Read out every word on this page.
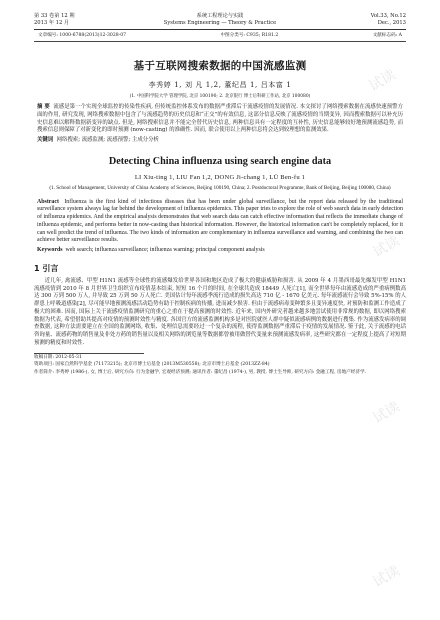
第 33 卷第 12 期	系统工程理论与实践	Vol.33, No.12
2013 年 12 月	Systems Engineering — Theory & Practice	Dec., 2013
文章编号: 1000-6788(2013)12-3028-07	中图分类号: C935; R181.2	文献标志码: A
基于互联网搜索数据的中国流感监测
李秀婷 1, 刘 凡 1,2, 董纪昌 1, 吕本富 1
(1. 中国科学院大学 管理学院, 北京 100190; 2. 北京银行 博士后科研工作站, 北京 100080)
摘 要 流感是第一个实现全球监控的传染性疾病, 但传统监控体系发布的数据严重滞后于流感疫情的发展情况. 本文探讨了网络搜索数据在流感快速预警方面的作用, 研究发现, 网络搜索数据中包含了与流感趋势的历史信息和“正交”的有效信息, 这部分信息反映了流感疫情的当期变异, 因而搜索数据可以补充历史信息难以解释数据新变异的缺点. 但是, 网络搜索信息并不能完全替代历史信息, 两种信息具有一定程度的互补性, 历史信息能够较好地预测流感趋势, 而搜索信息则保障了对新变化的即时预测 (now-casting) 的准确性. 因而, 联合使用以上两种信息将会达到较理想的监测效果.
关键词 网络搜索; 流感监测; 流感预警; 主成分分析
Detecting China influenza using search engine data
LI Xiu-ting 1, LIU Fan 1,2, DONG Ji-chang 1, LÜ Ben-fu 1
(1. School of Management, University of China Academy of Sciences, Beijing 100190, China; 2. Postdoctoral Programme, Bank of Beijing, Beijing 100080, China)
Abstract Influenza is the first kind of infectious diseases that has been under global surveillance, but the report data released by the traditional surveillance system always lag far behind the development of influenza epidemics. This paper tries to explore the role of web search data in early detection of influenza epidemics. And the empirical analysis demonstrates that web search data can catch effective information that reflects the immediate change of influenza epidemic, and performs better in now-casting than historical information. However, the historical information can't be completely replaced, for it can well predict the trend of influenza. The two kinds of information are complementary in influenza surveillance and warning, and combining the two can achieve better surveillance results.
Keywords web search; influenza surveillance; influenza warning; principal component analysis
1 引言
近几年, 禽流感、甲型 H1N1 流感等全球性的流感爆发给世界各国和地区造成了极大的健康威胁和损害. 从 2009 年 4 月墨西哥最先爆发甲型 H1N1 流感疫情到 2010 年 8 月世界卫生组织宣布疫情基本结束, 短短 16 个月的时间, 在全球共造成 18449 人死亡[1], 而全世界每年由流感造成的严重病例数高达 300 万到 500 万人, 并导致 25 万到 50 万人死亡. 美国估计每年流感季流行造成的损失高达 710 亿 - 1670 亿美元. 每年流感流行会导致 5%-15% 的人群患上呼吸道感染[2], 尽可能早地预测流感活动趋势有助于控制疾病的传播, 进而减少损害. 但由于流感病毒变种繁多且变异速度快, 对预防和监测工作造成了极大的困难. 因而, 国际上关于流感疫情监测研究的重心之重在于提高预测的时效性. 近年来, 国内外研究者越来越多地尝试使用非常规的数据, 即以网络搜索数据为代表, 希望借助其提高对疫情的预测时效性与精度. 各国官方的流感监测机构多是对医院就医人群中疑似流感病例的数据进行搜集. 作为流感发病率的调查数据, 这种方法需要建立在全国的监测网络, 收集、处理信息需要经过一个复杂的流程, 使得监测数据严重滞后于疫情的发展情况. 鉴于此, 关于流感的电话咨询量、流感药物的销售量及非处方药的销售量以及相关网络的浏览量等数据都曾被用做替代变量来预测流感发病率, 这些研究都在一定程度上提高了对短期预测的精度和时效性.
收稿日期: 2012-05-31
资助项目: 国家自然科学基金 (71173215); 北京市博士后基金 (2013M530558); 北京市博士后基金 (2013ZZ-84)
作者简介: 李秀婷 (1986-), 女, 博士后, 研究方向: 行为金融学, 宏观经济预测; 通讯作者: 董纪昌 (1974-), 男, 教授, 博士生导师, 研究方向: 金融工程, 房地产经济学.
试读
试读
试读
试读
